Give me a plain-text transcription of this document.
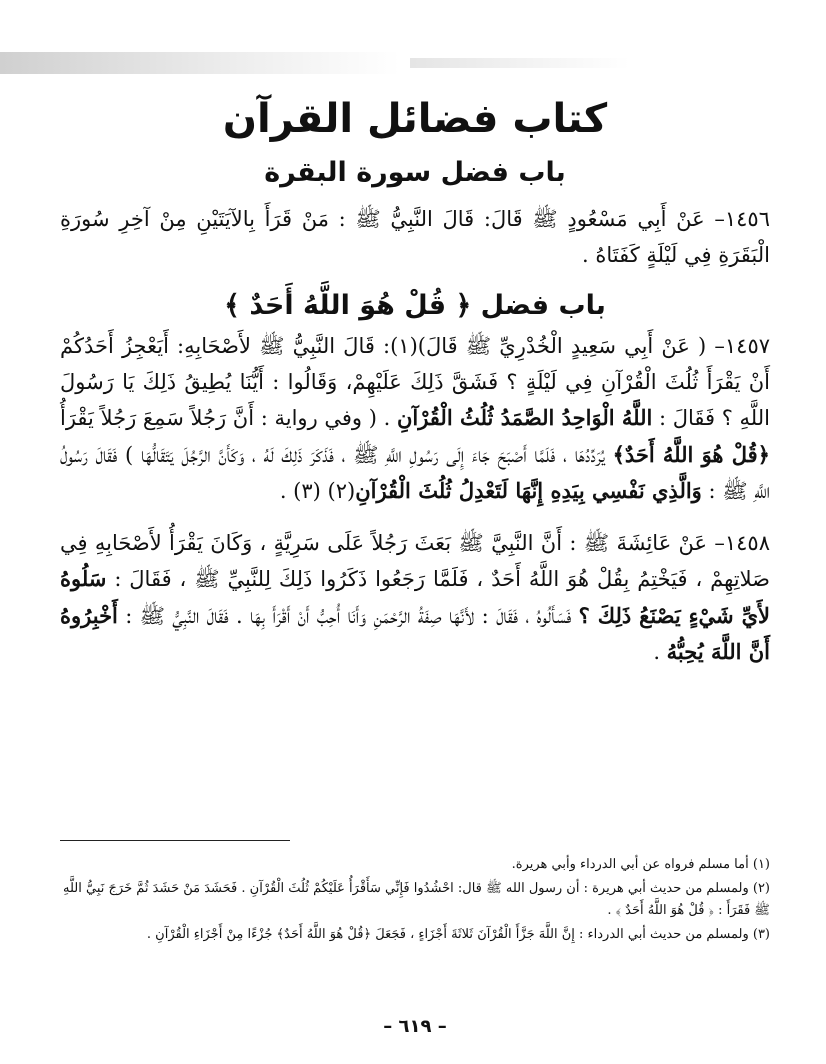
كتاب فضائل القرآن
باب فضل سورة البقرة

١٤٥٦– عَنْ أَبِي مَسْعُودٍ ﷺ قَالَ: قَالَ النَّبِيُّ ﷺ : مَنْ قَرَأَ بِالآيَتَيْنِ مِنْ آخِرِ سُورَةِ الْبَقَرَةِ فِي لَيْلَةٍ كَفَتَاهُ .

باب فضل ﴿ قُلْ هُوَ اللَّهُ أَحَدٌ ﴾

١٤٥٧– ( عَنْ أَبِي سَعِيدٍ الْخُدْرِيِّ ﷺ قَالَ)(١): قَالَ النَّبِيُّ ﷺ لأَصْحَابِهِ: أَيَعْجِزُ أَحَدُكُمْ أَنْ يَقْرَأَ ثُلُثَ الْقُرْآنِ فِي لَيْلَةٍ ؟ فَشَقَّ ذَلِكَ عَلَيْهِمْ، وَقَالُوا : أَيُّنَا يُطِيقُ ذَلِكَ يَا رَسُولَ اللَّهِ ؟ فَقَالَ : اللَّهُ الْوَاحِدُ الصَّمَدُ ثُلُثُ الْقُرْآنِ . ( وفي رواية : أَنَّ رَجُلاً سَمِعَ رَجُلاً يَقْرَأُ ﴿قُلْ هُوَ اللَّهُ أَحَدٌ﴾ يُرَدِّدُهَا ، فَلَمَّا أَصْبَحَ جَاءَ إِلَى رَسُولِ اللَّهِ ﷺ ، فَذَكَرَ ذَلِكَ لَهُ ، وَكَأَنَّ الرَّجُلَ يَتَقَالُّهَا ) فَقَالَ رَسُولُ اللَّهِ ﷺ : وَالَّذِي نَفْسِي بِيَدِهِ إِنَّهَا لَتَعْدِلُ ثُلُثَ الْقُرْآنِ(٢) (٣) .

١٤٥٨– عَنْ عَائِشَةَ ﷺ : أَنَّ النَّبِيَّ ﷺ بَعَثَ رَجُلاً عَلَى سَرِيَّةٍ ، وَكَانَ يَقْرَأُ لأَصْحَابِهِ فِي صَلاتِهِمْ ، فَيَخْتِمُ بِقُلْ هُوَ اللَّهُ أَحَدٌ ، فَلَمَّا رَجَعُوا ذَكَرُوا ذَلِكَ لِلنَّبِيِّ ﷺ ، فَقَالَ : سَلُوهُ لأَيِّ شَيْءٍ يَصْنَعُ ذَلِكَ ؟ فَسَأَلُوهُ ، فَقَالَ : لأَنَّهَا صِفَةُ الرَّحْمَنِ وَأَنَا أُحِبُّ أَنْ أَقْرَأَ بِهَا . فَقَالَ النَّبِيُّ ﷺ : أَخْبِرُوهُ أَنَّ اللَّهَ يُحِبُّهُ .

(١) أما مسلم فرواه عن أبي الدرداء وأبي هريرة.

(٢) ولمسلم من حديث أبي هريرة : أن رسول الله ﷺ قال: احْشُدُوا فَإِنِّي سَأَقْرَأُ عَلَيْكُمْ ثُلُثَ الْقُرْآنِ . فَحَشَدَ مَنْ حَشَدَ ثُمَّ خَرَجَ نَبِيُّ اللَّهِ ﷺ فَقَرَأَ : ﴿ قُلْ هُوَ اللَّهُ أَحَدٌ ﴾ .

(٣) ولمسلم من حديث أبي الدرداء : إِنَّ اللَّهَ جَزَّأَ الْقُرْآنَ ثَلاثَةَ أَجْزَاءٍ ، فَجَعَلَ ﴿قُلْ هُوَ اللَّهُ أَحَدٌ﴾ جُزْءًا مِنْ أَجْزَاءِ الْقُرْآنِ .

– ٦١٩ –
